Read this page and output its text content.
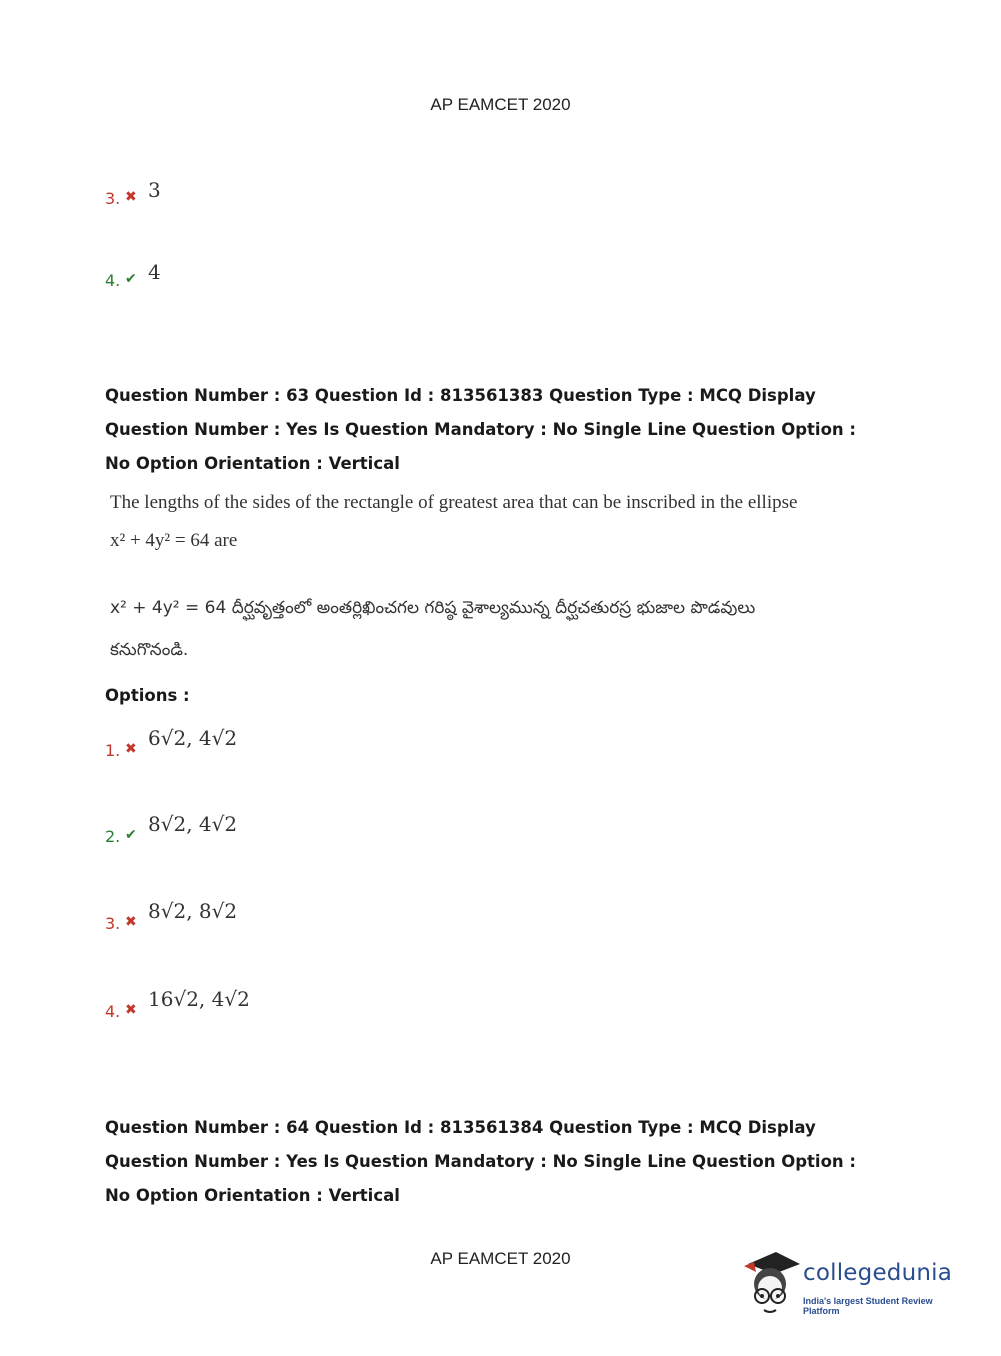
AP EAMCET 2020
3. ✖ 3
4. ✔ 4
Question Number : 63 Question Id : 813561383 Question Type : MCQ Display Question Number : Yes Is Question Mandatory : No Single Line Question Option : No Option Orientation : Vertical
The lengths of the sides of the rectangle of greatest area that can be inscribed in the ellipse
x² + 4y² = 64 are
x² + 4y² = 64 దీర్ఘవృత్తంలో అంతర్లిఖించగల గరిష్ఠ వైశాల్యమున్న దీర్ఘచతురస్ర భుజాల పొడవులు
కనుగొనండి.
Options :
1. ✖ 6√2, 4√2
2. ✔ 8√2, 4√2
3. ✖ 8√2, 8√2
4. ✖ 16√2, 4√2
Question Number : 64 Question Id : 813561384 Question Type : MCQ Display Question Number : Yes Is Question Mandatory : No Single Line Question Option : No Option Orientation : Vertical
AP EAMCET 2020
collegedunia
India's largest Student Review Platform
